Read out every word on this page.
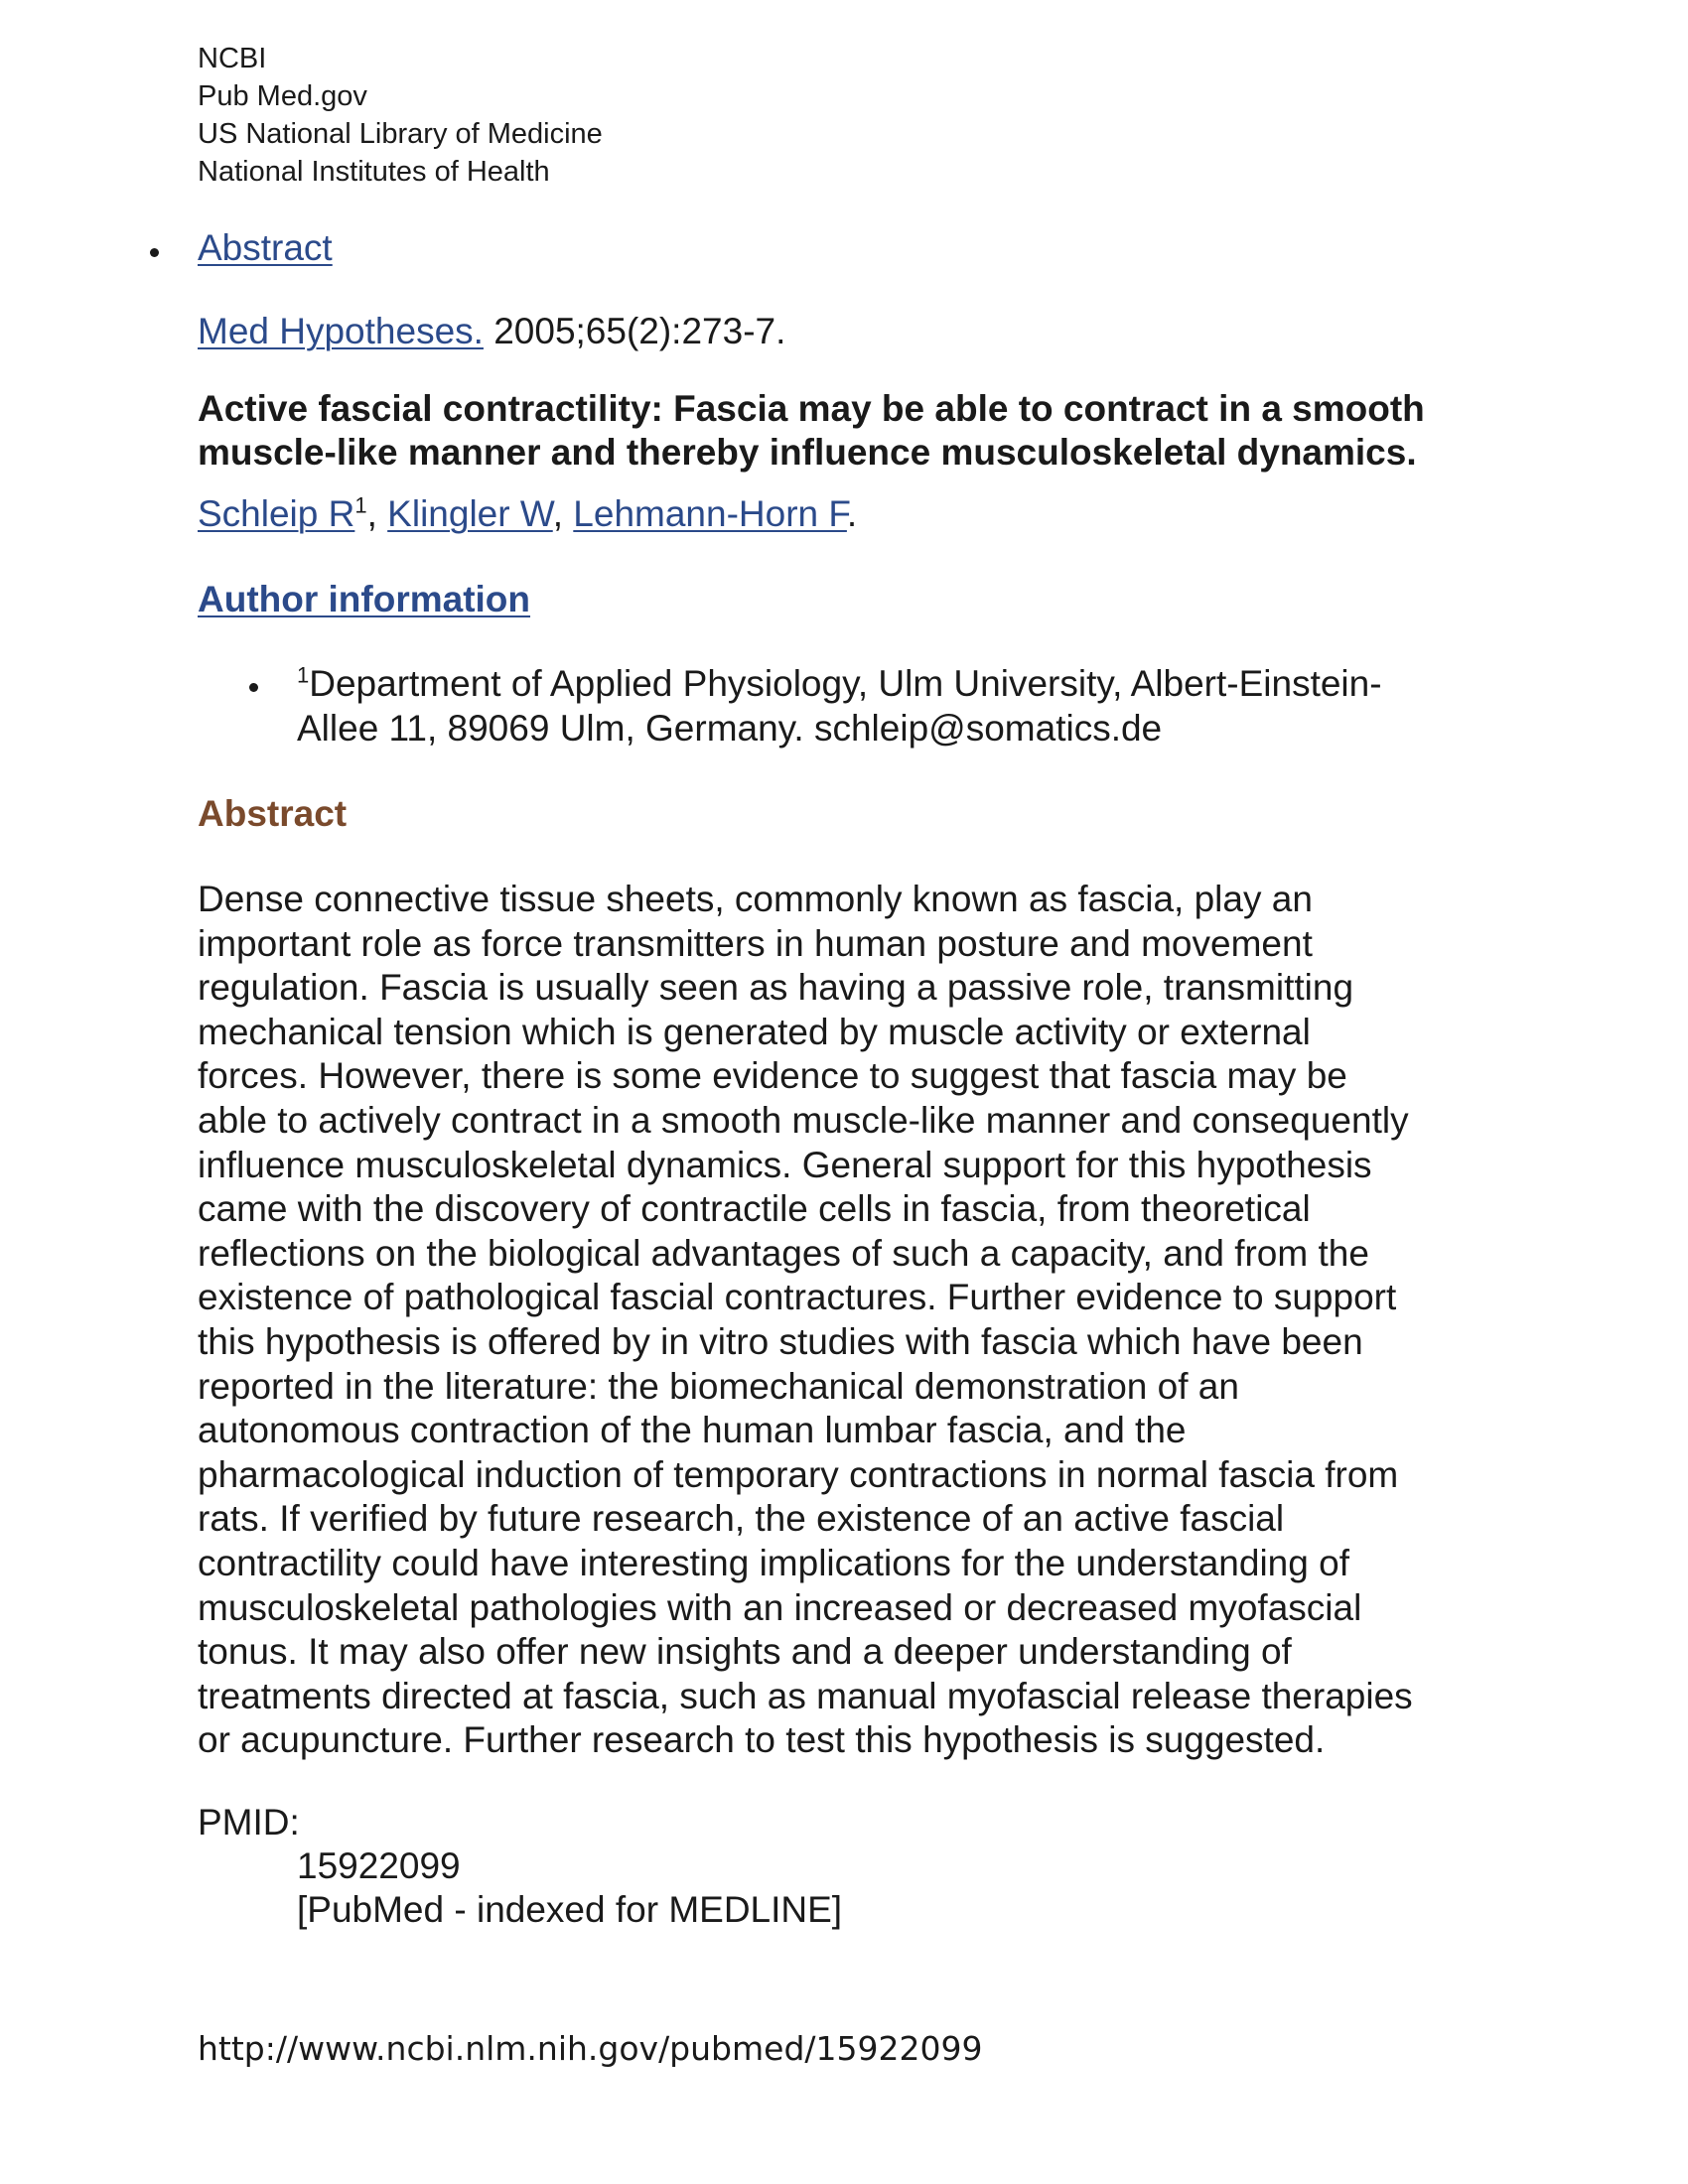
NCBI
Pub Med.gov
US National Library of Medicine
National Institutes of Health
Abstract
Med Hypotheses. 2005;65(2):273-7.
Active fascial contractility: Fascia may be able to contract in a smooth
muscle-like manner and thereby influence musculoskeletal dynamics.
Schleip $R^1$, Klingler W, Lehmann-Horn F.
Author information
$^1$Department of Applied Physiology, Ulm University, Albert-Einstein-
Allee 11, 89069 Ulm, Germany. schleip@somatics.de
Abstract
Dense connective tissue sheets, commonly known as fascia, play an
important role as force transmitters in human posture and movement
regulation. Fascia is usually seen as having a passive role, transmitting
mechanical tension which is generated by muscle activity or external
forces. However, there is some evidence to suggest that fascia may be
able to actively contract in a smooth muscle-like manner and consequently
influence musculoskeletal dynamics. General support for this hypothesis
came with the discovery of contractile cells in fascia, from theoretical
reflections on the biological advantages of such a capacity, and from the
existence of pathological fascial contractures. Further evidence to support
this hypothesis is offered by in vitro studies with fascia which have been
reported in the literature: the biomechanical demonstration of an
autonomous contraction of the human lumbar fascia, and the
pharmacological induction of temporary contractions in normal fascia from
rats. If verified by future research, the existence of an active fascial
contractility could have interesting implications for the understanding of
musculoskeletal pathologies with an increased or decreased myofascial
tonus. It may also offer new insights and a deeper understanding of
treatments directed at fascia, such as manual myofascial release therapies
or acupuncture. Further research to test this hypothesis is suggested.
PMID:
15922099
[PubMed - indexed for MEDLINE]
http://www.ncbi.nlm.nih.gov/pubmed/15922099
